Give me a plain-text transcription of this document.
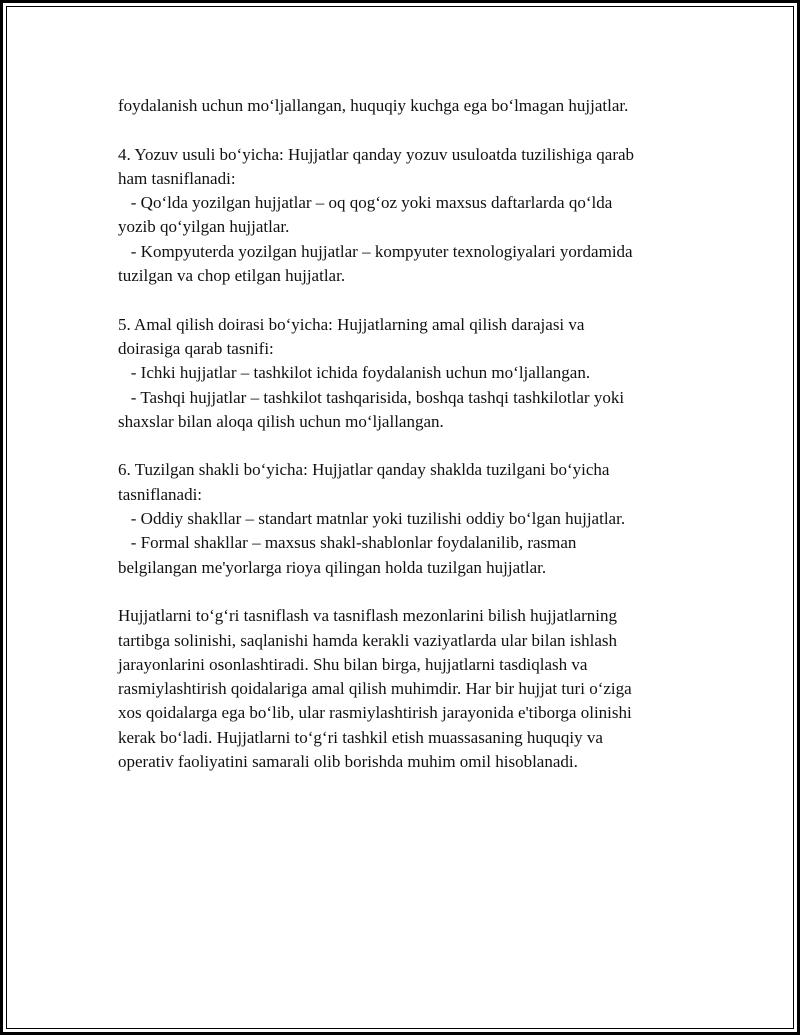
foydalanish uchun mo‘ljallangan, huquqiy kuchga ega bo‘lmagan hujjatlar.
4. Yozuv usuli bo‘yicha: Hujjatlar qanday yozuv usuloatda tuzilishiga qarab
ham tasniflanadi:
- Qo‘lda yozilgan hujjatlar – oq qog‘oz yoki maxsus daftarlarda qo‘lda
yozib qo‘yilgan hujjatlar.
- Kompyuterda yozilgan hujjatlar – kompyuter texnologiyalari yordamida
tuzilgan va chop etilgan hujjatlar.
5. Amal qilish doirasi bo‘yicha: Hujjatlarning amal qilish darajasi va
doirasiga qarab tasnifi:
- Ichki hujjatlar – tashkilot ichida foydalanish uchun mo‘ljallangan.
- Tashqi hujjatlar – tashkilot tashqarisida, boshqa tashqi tashkilotlar yoki
shaxslar bilan aloqa qilish uchun mo‘ljallangan.
6. Tuzilgan shakli bo‘yicha: Hujjatlar qanday shaklda tuzilgani bo‘yicha
tasniflanadi:
- Oddiy shakllar – standart matnlar yoki tuzilishi oddiy bo‘lgan hujjatlar.
- Formal shakllar – maxsus shakl-shablonlar foydalanilib, rasman
belgilangan me'yorlarga rioya qilingan holda tuzilgan hujjatlar.
Hujjatlarni to‘g‘ri tasniflash va tasniflash mezonlarini bilish hujjatlarning
tartibga solinishi, saqlanishi hamda kerakli vaziyatlarda ular bilan ishlash
jarayonlarini osonlashtiradi. Shu bilan birga, hujjatlarni tasdiqlash va
rasmiylashtirish qoidalariga amal qilish muhimdir. Har bir hujjat turi o‘ziga
xos qoidalarga ega bo‘lib, ular rasmiylashtirish jarayonida e'tiborga olinishi
kerak bo‘ladi. Hujjatlarni to‘g‘ri tashkil etish muassasaning huquqiy va
operativ faoliyatini samarali olib borishda muhim omil hisoblanadi.
